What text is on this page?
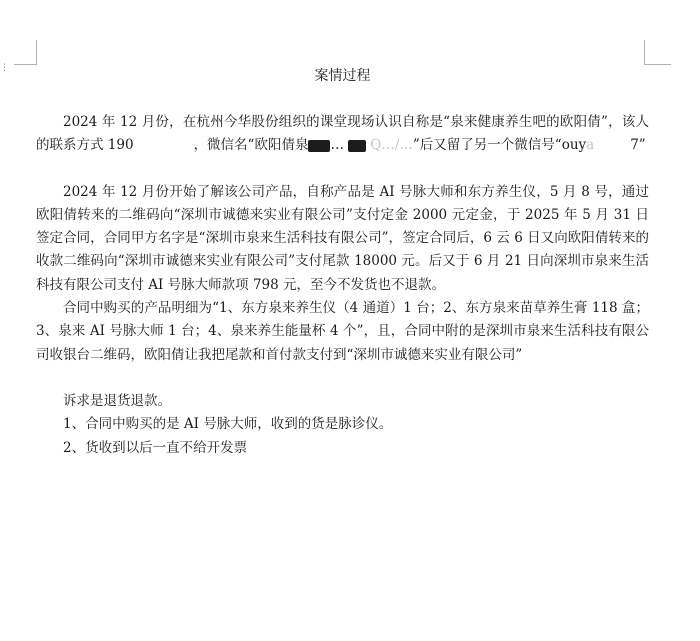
⋮	案情过程

2024 年 12 月份，在杭州今华股份组织的课堂现场认识自称是“泉来健康养生吧的欧阳倩”，该人的联系方式 190	，微信名“欧阳倩泉 … Q…/…”后又留了另一个微信号“ouya	7”

2024 年 12 月份开始了解该公司产品，自称产品是 AI 号脉大师和东方养生仪，5 月 8 号，通过欧阳倩转来的二维码向“深圳市诚德来实业有限公司”支付定金 2000 元定金，于 2025 年 5 月 31 日签定合同，合同甲方名字是“深圳市泉来生活科技有限公司”，签定合同后，6 云 6 日又向欧阳倩转来的收款二维码向“深圳市诚德来实业有限公司”支付尾款 18000 元。后又于 6 月 21 日向深圳市泉来生活科技有限公司支付 AI 号脉大师款项 798 元，至今不发货也不退款。

合同中购买的产品明细为“1、东方泉来养生仪（4 通道）1 台；2、东方泉来苗草养生膏 118 盒；3、泉来 AI 号脉大师 1 台；4、泉来养生能量杯 4 个”，且，合同中附的是深圳市泉来生活科技有限公司收银台二维码，欧阳倩让我把尾款和首付款支付到“深圳市诚德来实业有限公司”

诉求是退货退款。

1、合同中购买的是 AI 号脉大师，收到的货是脉诊仪。

2、货收到以后一直不给开发票
